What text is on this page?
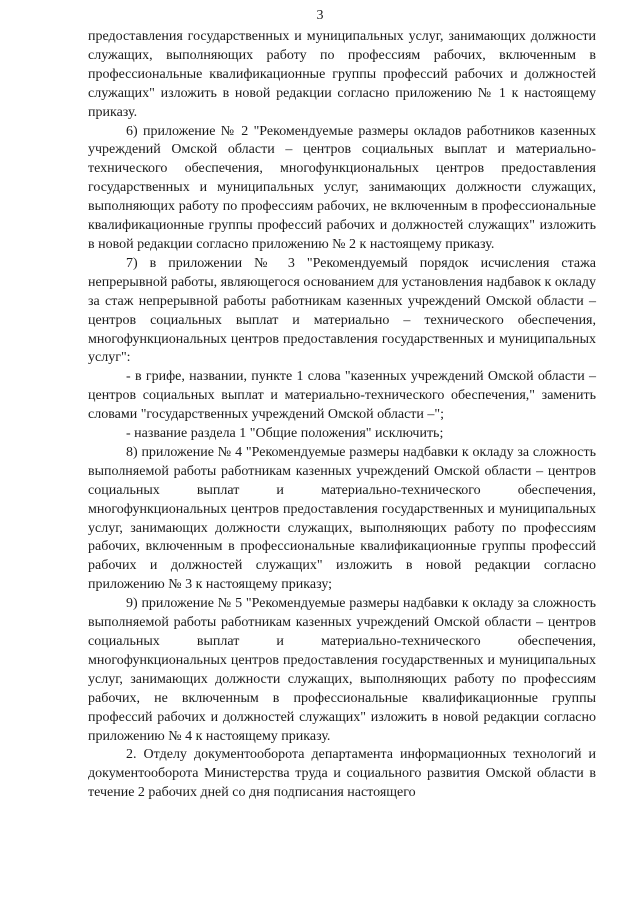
3

предоставления государственных и муниципальных услуг, занимающих должности служащих, выполняющих работу по профессиям рабочих, включенным в профессиональные квалификационные группы профессий рабочих и должностей служащих" изложить в новой редакции согласно приложению № 1 к настоящему приказу.

6) приложение № 2 "Рекомендуемые размеры окладов работников казенных учреждений Омской области – центров социальных выплат и материально-технического обеспечения, многофункциональных центров предоставления государственных и муниципальных услуг, занимающих должности служащих, выполняющих работу по профессиям рабочих, не включенным в профессиональные квалификационные группы профессий рабочих и должностей служащих" изложить в новой редакции согласно приложению № 2 к настоящему приказу.

7) в приложении № 3 "Рекомендуемый порядок исчисления стажа непрерывной работы, являющегося основанием для установления надбавок к окладу за стаж непрерывной работы работникам казенных учреждений Омской области – центров социальных выплат и материально – технического обеспечения, многофункциональных центров предоставления государственных и муниципальных услуг":

- в грифе, названии, пункте 1 слова "казенных учреждений Омской области – центров социальных выплат и материально-технического обеспечения," заменить словами "государственных учреждений Омской области –";

- название раздела 1 "Общие положения" исключить;

8) приложение № 4 "Рекомендуемые размеры надбавки к окладу за сложность выполняемой работы работникам казенных учреждений Омской области – центров социальных выплат и материально-технического обеспечения, многофункциональных центров предоставления государственных и муниципальных услуг, занимающих должности служащих, выполняющих работу по профессиям рабочих, включенным в профессиональные квалификационные группы профессий рабочих и должностей служащих" изложить в новой редакции согласно приложению № 3 к настоящему приказу;

9) приложение № 5 "Рекомендуемые размеры надбавки к окладу за сложность выполняемой работы работникам казенных учреждений Омской области – центров социальных выплат и материально-технического обеспечения, многофункциональных центров предоставления государственных и муниципальных услуг, занимающих должности служащих, выполняющих работу по профессиям рабочих, не включенным в профессиональные квалификационные группы профессий рабочих и должностей служащих" изложить в новой редакции согласно приложению № 4 к настоящему приказу.

2. Отделу документооборота департамента информационных технологий и документооборота Министерства труда и социального развития Омской области в течение 2 рабочих дней со дня подписания настоящего
